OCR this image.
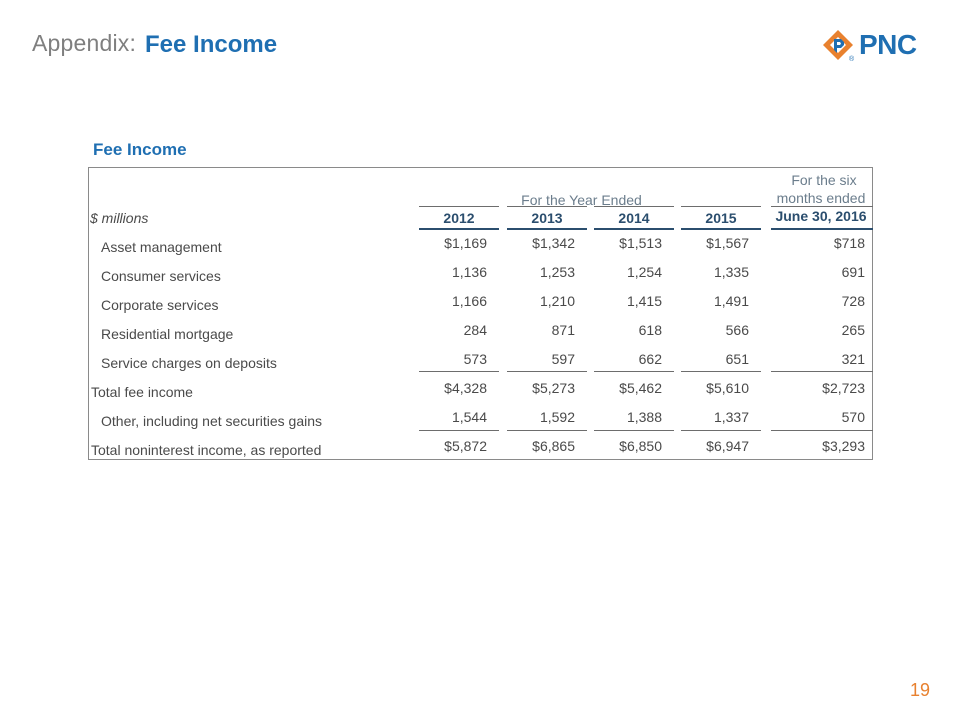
Appendix: Fee Income	PNC
®
Fee Income
For the six
months ended
For the Year Ended
$ millions	2012	2013	2014	2015	June 30, 2016
Asset management	$1,169	$1,342	$1,513	$1,567	$718
Consumer services	1,136	1,253	1,254	1,335	691
Corporate services	1,166	1,210	1,415	1,491	728
Residential mortgage	284	871	618	566	265
Service charges on deposits	573	597	662	651	321
Total fee income	$4,328	$5,273	$5,462	$5,610	$2,723
Other, including net securities gains	1,544	1,592	1,388	1,337	570
Total noninterest income, as reported	$5,872	$6,865	$6,850	$6,947	$3,293
19
